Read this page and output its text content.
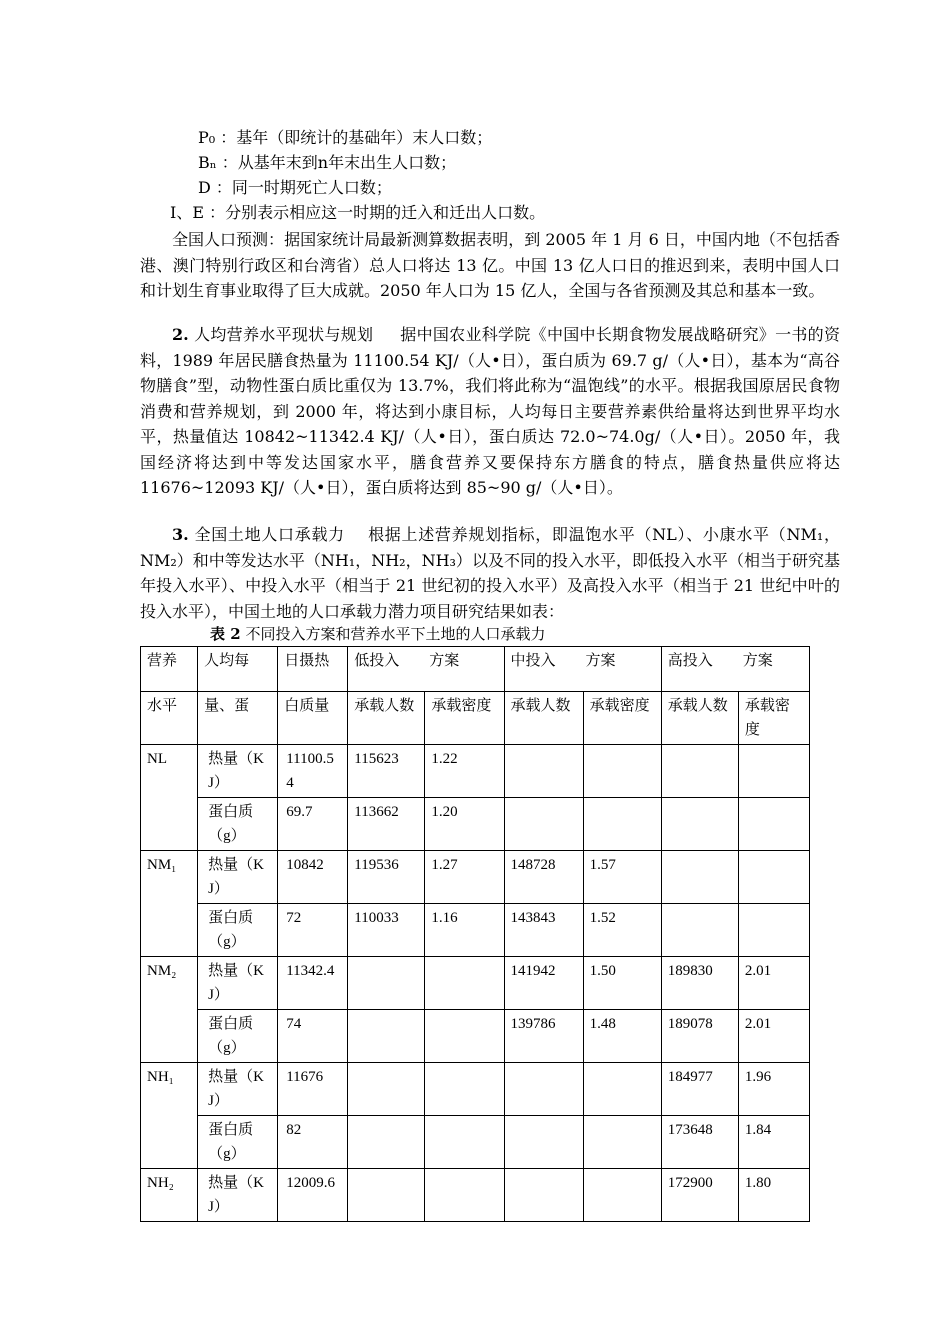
P₀ ：基年（即统计的基础年）末人口数；
Bₙ ：从基年末到n年末出生人口数；
D ：同一时期死亡人口数；
I、E ：分别表示相应这一时期的迁入和迁出人口数。
全国人口预测：据国家统计局最新测算数据表明，到 2005 年 1 月 6 日，中国内地（不包括香港、澳门特别行政区和台湾省）总人口将达 13 亿。中国 13 亿人口日的推迟到来，表明中国人口和计划生育事业取得了巨大成就。2050 年人口为 15 亿人，全国与各省预测及其总和基本一致。
2. 人均营养水平现状与规划 据中国农业科学院《中国中长期食物发展战略研究》一书的资料，1989 年居民膳食热量为 11100.54 KJ/（人•日），蛋白质为 69.7 g/（人•日），基本为“高谷物膳食”型，动物性蛋白质比重仅为 13.7%，我们将此称为“温饱线”的水平。根据我国原居民食物消费和营养规划，到 2000 年，将达到小康目标，人均每日主要营养素供给量将达到世界平均水平，热量值达 10842~11342.4 KJ/（人•日），蛋白质达 72.0~74.0g/（人•日）。2050 年，我国经济将达到中等发达国家水平，膳食营养又要保持东方膳食的特点，膳食热量供应将达 11676~12093 KJ/（人•日），蛋白质将达到 85~90 g/（人•日）。
3. 全国土地人口承载力 根据上述营养规划指标，即温饱水平（NL）、小康水平（NM₁，NM₂）和中等发达水平（NH₁，NH₂，NH₃）以及不同的投入水平，即低投入水平（相当于研究基年投入水平）、中投入水平（相当于 21 世纪初的投入水平）及高投入水平（相当于 21 世纪中叶的投入水平），中国土地的人口承载力潜力项目研究结果如表：
表 2 不同投入方案和营养水平下土地的人口承载力
营养	人均每	日摄热	低投入　　方案		中投入　　方案		高投入　　方案	
水平	量、蛋	白质量	承载人数	承载密度	承载人数	承载密度	承载人数	承载密度
NL	热量（KJ）	11100.54	115623	1.22				
	蛋白质（g）	69.7	113662	1.20				
NM₁	热量（KJ）	10842	119536	1.27	148728	1.57		
	蛋白质（g）	72	110033	1.16	143843	1.52		
NM₂	热量（KJ）	11342.4			141942	1.50	189830	2.01
	蛋白质（g）	74			139786	1.48	189078	2.01
NH₁	热量（KJ）	11676					184977	1.96
	蛋白质（g）	82					173648	1.84
NH₂	热量（KJ）	12009.6					172900	1.80
